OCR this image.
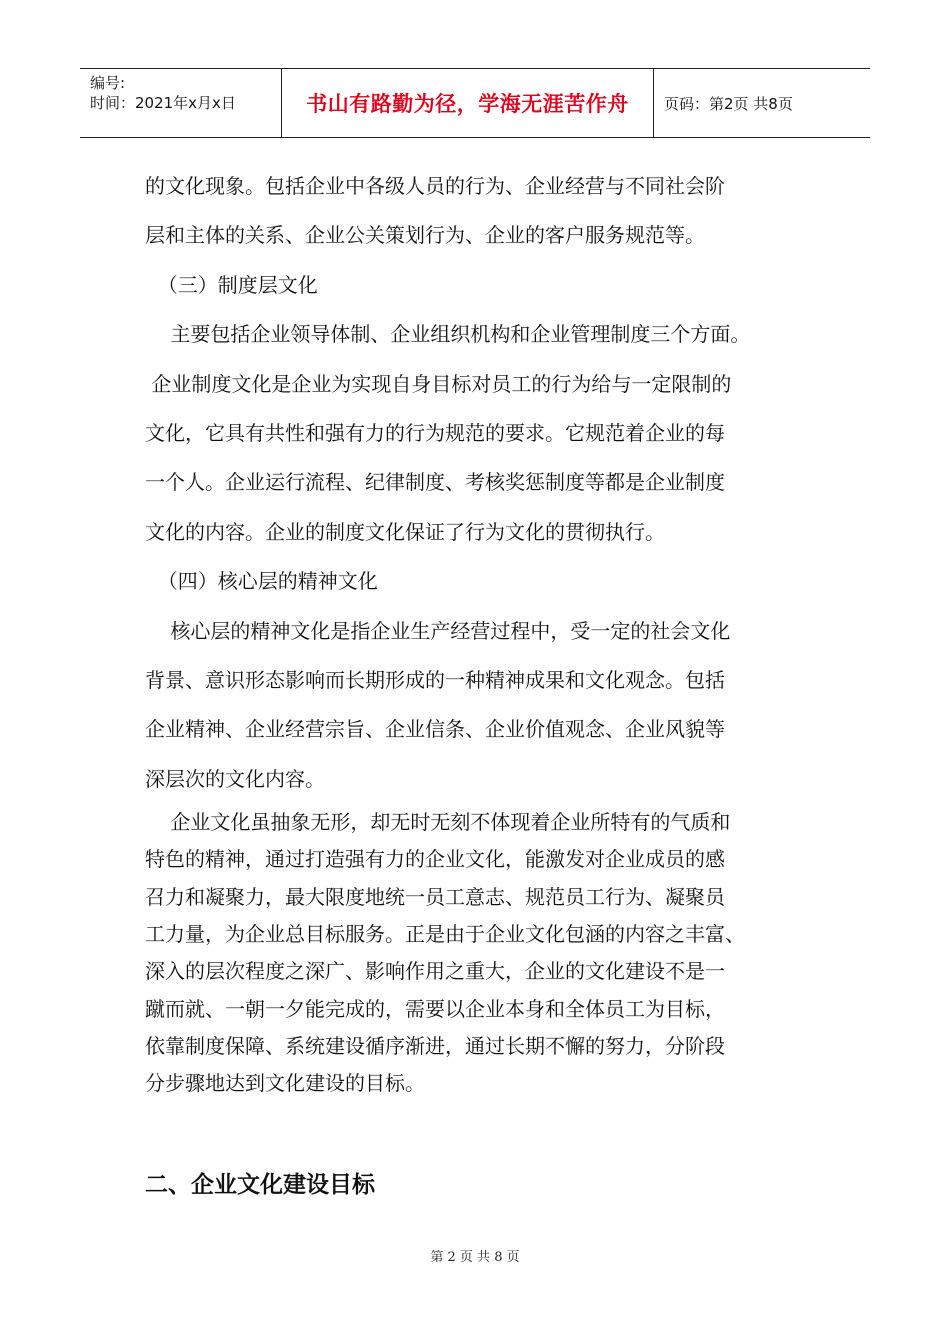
编号:
时间：2021年x月x日	书山有路勤为径，学海无涯苦作舟	页码：第2页 共8页
的文化现象。包括企业中各级人员的行为、企业经营与不同社会阶
层和主体的关系、企业公关策划行为、企业的客户服务规范等。
（三）制度层文化
主要包括企业领导体制、企业组织机构和企业管理制度三个方面。
企业制度文化是企业为实现自身目标对员工的行为给与一定限制的
文化，它具有共性和强有力的行为规范的要求。它规范着企业的每
一个人。企业运行流程、纪律制度、考核奖惩制度等都是企业制度
文化的内容。企业的制度文化保证了行为文化的贯彻执行。
（四）核心层的精神文化
核心层的精神文化是指企业生产经营过程中，受一定的社会文化
背景、意识形态影响而长期形成的一种精神成果和文化观念。包括
企业精神、企业经营宗旨、企业信条、企业价值观念、企业风貌等
深层次的文化内容。
企业文化虽抽象无形，却无时无刻不体现着企业所特有的气质和
特色的精神，通过打造强有力的企业文化，能激发对企业成员的感
召力和凝聚力，最大限度地统一员工意志、规范员工行为、凝聚员
工力量，为企业总目标服务。正是由于企业文化包涵的内容之丰富、
深入的层次程度之深广、影响作用之重大，企业的文化建设不是一
蹴而就、一朝一夕能完成的，需要以企业本身和全体员工为目标，
依靠制度保障、系统建设循序渐进，通过长期不懈的努力，分阶段
分步骤地达到文化建设的目标。
二、企业文化建设目标
第 2 页 共 8 页
